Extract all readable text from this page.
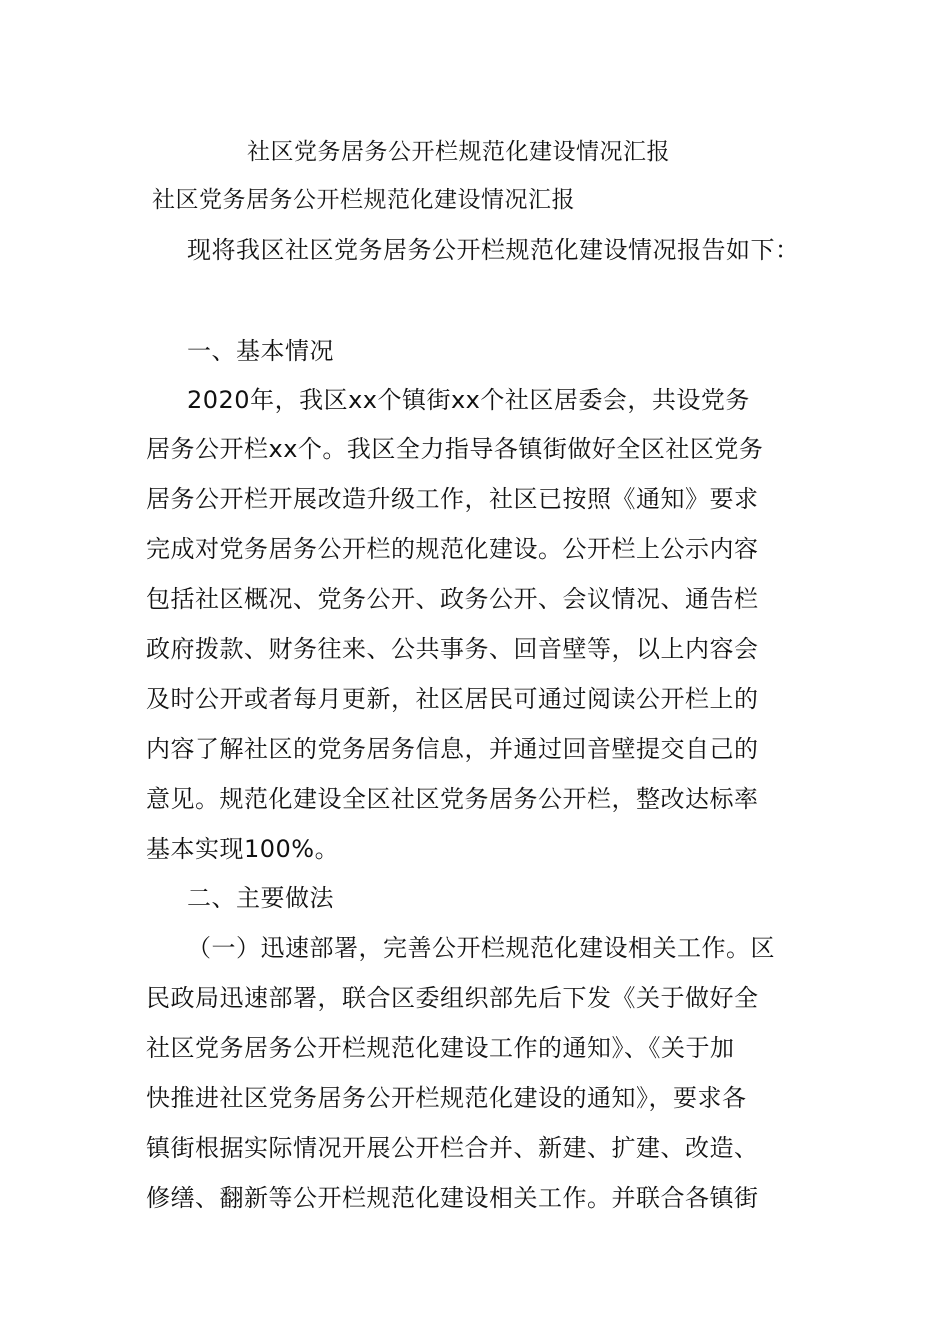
社区党务居务公开栏规范化建设情况汇报
社区党务居务公开栏规范化建设情况汇报
现将我区社区党务居务公开栏规范化建设情况报告如下：
一、基本情况
2020年，我区xx个镇街xx个社区居委会，共设党务
居务公开栏xx个。我区全力指导各镇街做好全区社区党务
居务公开栏开展改造升级工作，社区已按照《通知》要求
完成对党务居务公开栏的规范化建设。公开栏上公示内容
包括社区概况、党务公开、政务公开、会议情况、通告栏
政府拨款、财务往来、公共事务、回音壁等，以上内容会
及时公开或者每月更新，社区居民可通过阅读公开栏上的
内容了解社区的党务居务信息，并通过回音壁提交自己的
意见。规范化建设全区社区党务居务公开栏，整改达标率
基本实现100%。
二、主要做法
（一）迅速部署，完善公开栏规范化建设相关工作。区
民政局迅速部署，联合区委组织部先后下发《关于做好全
社区党务居务公开栏规范化建设工作的通知》、《关于加
快推进社区党务居务公开栏规范化建设的通知》，要求各
镇街根据实际情况开展公开栏合并、新建、扩建、改造、
修缮、翻新等公开栏规范化建设相关工作。并联合各镇街
